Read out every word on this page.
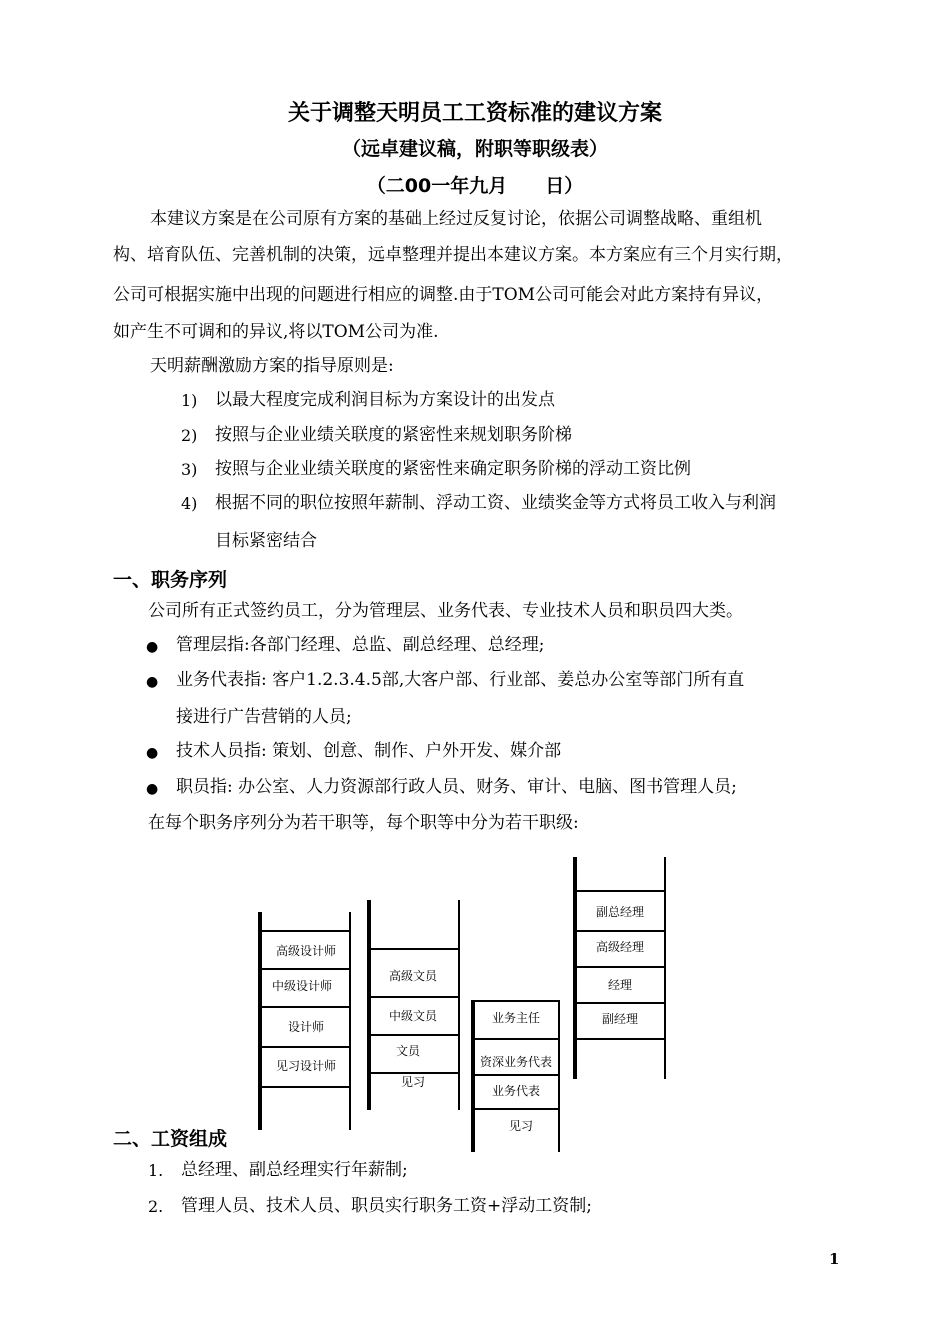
关于调整天明员工工资标准的建议方案
（远卓建议稿，附职等职级表）
（二00一年九月　　日）
本建议方案是在公司原有方案的基础上经过反复讨论，依据公司调整战略、重组机
构、培育队伍、完善机制的决策，远卓整理并提出本建议方案。本方案应有三个月实行期，
公司可根据实施中出现的问题进行相应的调整.由于TOM公司可能会对此方案持有异议，
如产生不可调和的异议,将以TOM公司为准.
天明薪酬激励方案的指导原则是:
1) 以最大程度完成利润目标为方案设计的出发点
2) 按照与企业业绩关联度的紧密性来规划职务阶梯
3) 按照与企业业绩关联度的紧密性来确定职务阶梯的浮动工资比例
4) 根据不同的职位按照年薪制、浮动工资、业绩奖金等方式将员工收入与利润
目标紧密结合
一、职务序列
公司所有正式签约员工，分为管理层、业务代表、专业技术人员和职员四大类。
● 管理层指:各部门经理、总监、副总经理、总经理;
● 业务代表指: 客户1.2.3.4.5部,大客户部、行业部、姜总办公室等部门所有直
接进行广告营销的人员;
● 技术人员指: 策划、创意、制作、户外开发、媒介部
● 职员指: 办公室、人力资源部行政人员、财务、审计、电脑、图书管理人员;
在每个职务序列分为若干职等，每个职等中分为若干职级:
高级设计师
中级设计师
设计师
见习设计师
高级文员
中级文员
文员
见习
业务主任
资深业务代表
业务代表
见习
副总经理
高级经理
经理
副经理
二、工资组成
1. 总经理、副总经理实行年薪制;
2. 管理人员、技术人员、职员实行职务工资+浮动工资制;
1
